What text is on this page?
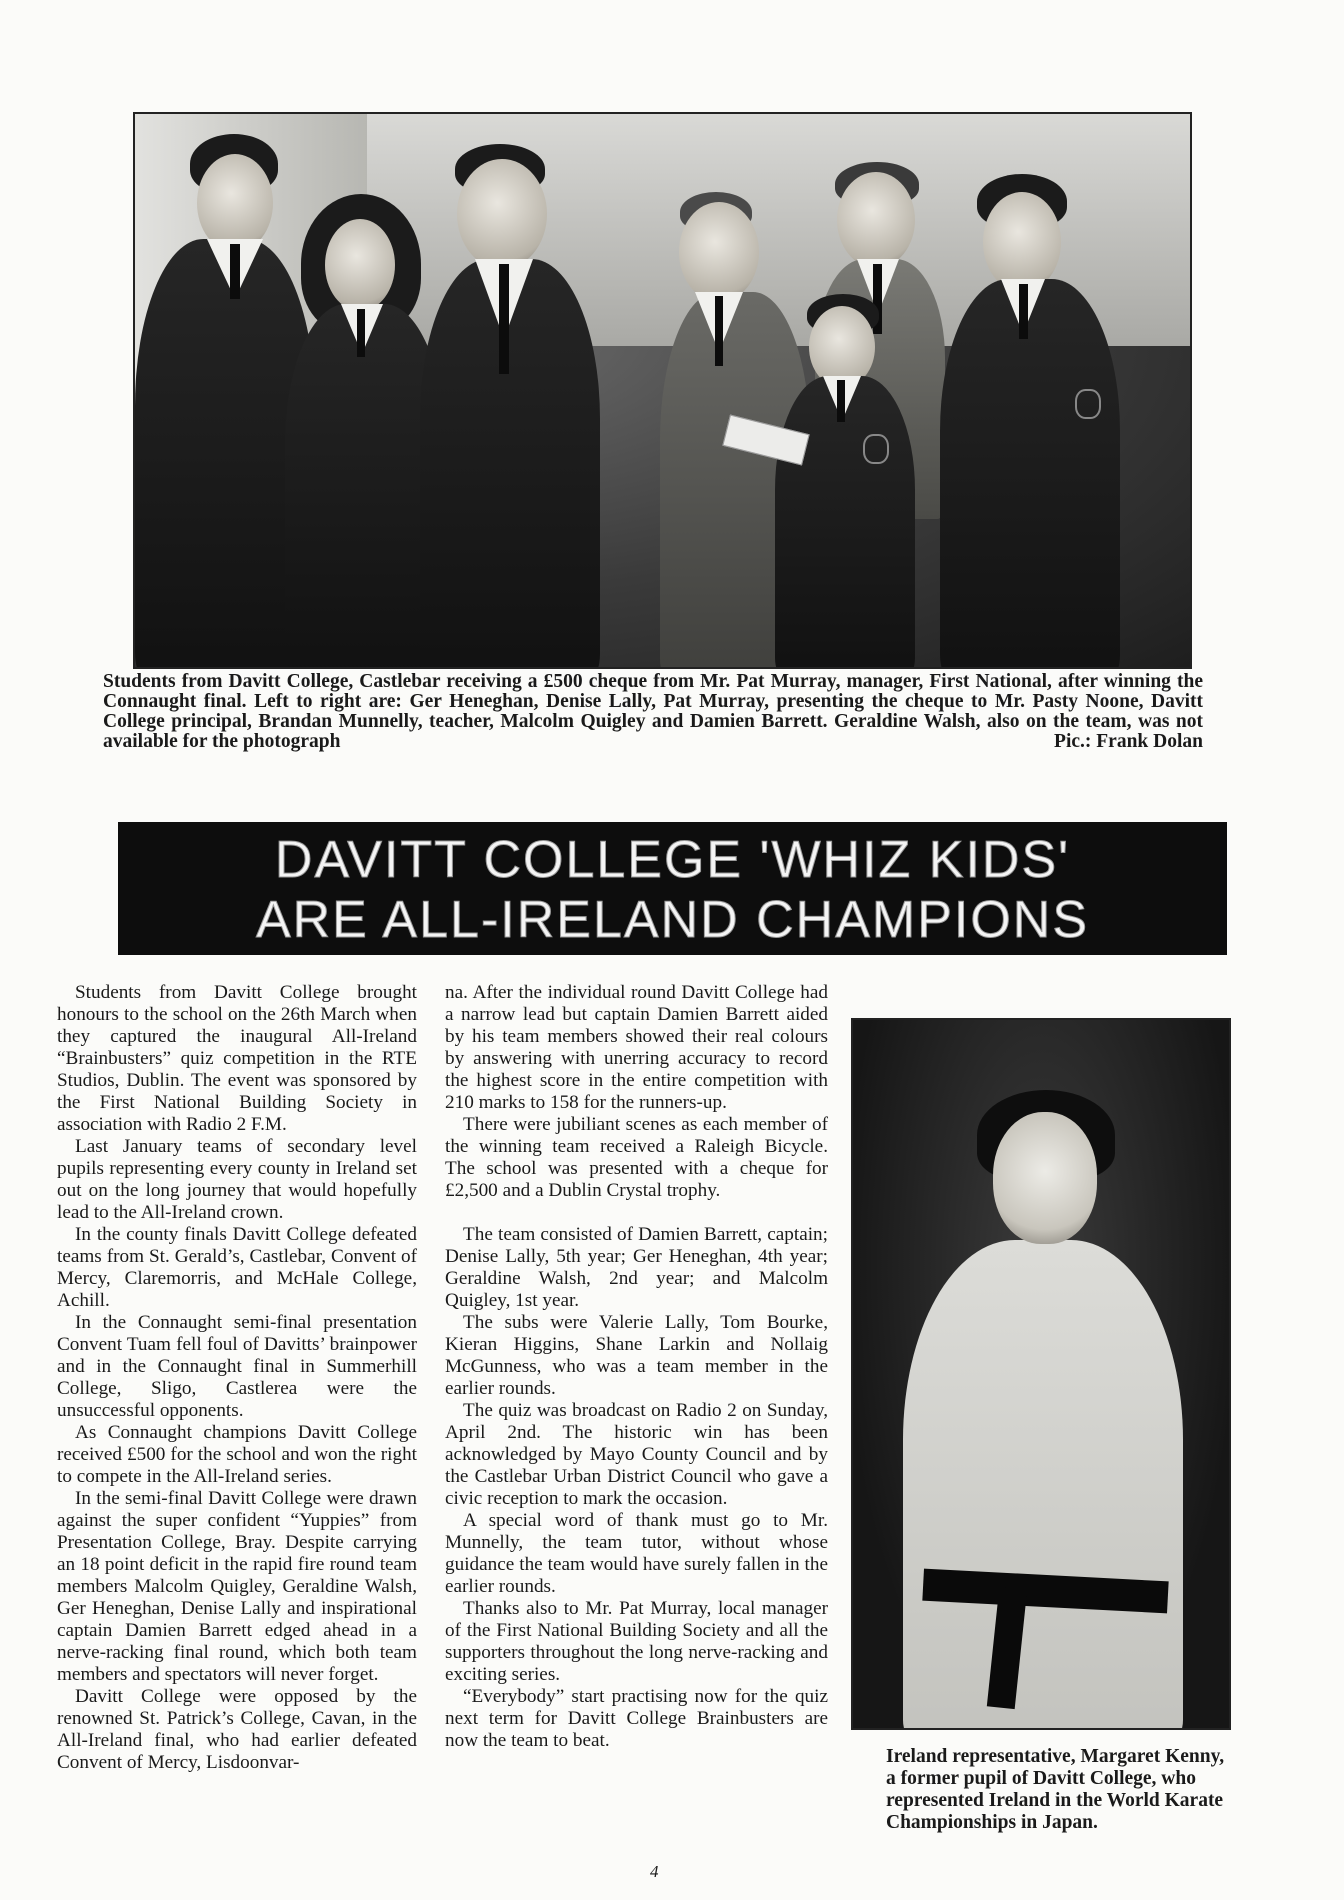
Students from Davitt College, Castlebar receiving a £500 cheque from Mr. Pat Murray, manager, First National, after winning the Connaught final. Left to right are: Ger Heneghan, Denise Lally, Pat Murray, presenting the cheque to Mr. Pasty Noone, Davitt College principal, Brandan Munnelly, teacher, Malcolm Quigley and Damien Barrett. Geraldine Walsh, also on the team, was not available for the photograph	Pic.: Frank Dolan

DAVITT COLLEGE 'WHIZ KIDS'
ARE ALL-IRELAND CHAMPIONS

Students from Davitt College brought honours to the school on the 26th March when they captured the inaugural All-Ireland “Brainbusters” quiz competition in the RTE Studios, Dublin. The event was sponsored by the First National Building Society in association with Radio 2 F.M.

Last January teams of secondary level pupils representing every county in Ireland set out on the long journey that would hopefully lead to the All-Ireland crown.

In the county finals Davitt College defeated teams from St. Gerald’s, Castlebar, Convent of Mercy, Claremorris, and McHale College, Achill.

In the Connaught semi-final presentation Convent Tuam fell foul of Davitts’ brainpower and in the Connaught final in Summerhill College, Sligo, Castlerea were the unsuccessful opponents.

As Connaught champions Davitt College received £500 for the school and won the right to compete in the All-Ireland series.

In the semi-final Davitt College were drawn against the super confident “Yuppies” from Presentation College, Bray. Despite carrying an 18 point deficit in the rapid fire round team members Malcolm Quigley, Geraldine Walsh, Ger Heneghan, Denise Lally and inspirational captain Damien Barrett edged ahead in a nerve-racking final round, which both team members and spectators will never forget.

Davitt College were opposed by the renowned St. Patrick’s College, Cavan, in the All-Ireland final, who had earlier defeated Convent of Mercy, Lisdoonvar-

na. After the individual round Davitt College had a narrow lead but captain Damien Barrett aided by his team members showed their real colours by answering with unerring accuracy to record the highest score in the entire competition with 210 marks to 158 for the runners-up.

There were jubiliant scenes as each member of the winning team received a Raleigh Bicycle. The school was presented with a cheque for £2,500 and a Dublin Crystal trophy.

The team consisted of Damien Barrett, captain; Denise Lally, 5th year; Ger Heneghan, 4th year; Geraldine Walsh, 2nd year; and Malcolm Quigley, 1st year.

The subs were Valerie Lally, Tom Bourke, Kieran Higgins, Shane Larkin and Nollaig McGunness, who was a team member in the earlier rounds.

The quiz was broadcast on Radio 2 on Sunday, April 2nd. The historic win has been acknowledged by Mayo County Council and by the Castlebar Urban District Council who gave a civic reception to mark the occasion.

A special word of thank must go to Mr. Munnelly, the team tutor, without whose guidance the team would have surely fallen in the earlier rounds.

Thanks also to Mr. Pat Murray, local manager of the First National Building Society and all the supporters throughout the long nerve-racking and exciting series.

“Everybody” start practising now for the quiz next term for Davitt College Brainbusters are now the team to beat.

Ireland representative, Margaret Kenny, a former pupil of Davitt College, who represented Ireland in the World Karate Championships in Japan.

4
